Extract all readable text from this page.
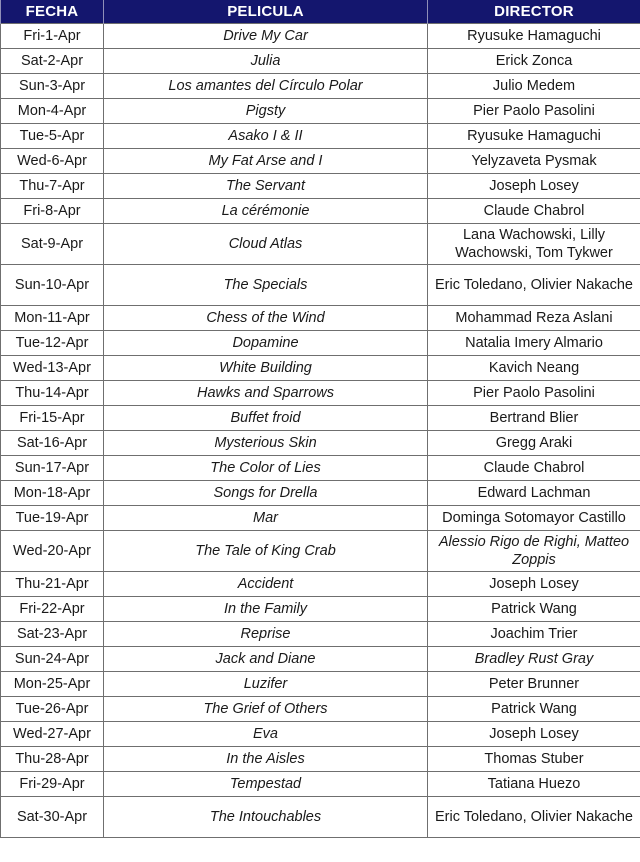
FECHA	PELICULA	DIRECTOR
Fri-1-Apr	Drive My Car	Ryusuke Hamaguchi
Sat-2-Apr	Julia	Erick Zonca
Sun-3-Apr	Los amantes del Círculo Polar	Julio Medem
Mon-4-Apr	Pigsty	Pier Paolo Pasolini
Tue-5-Apr	Asako I & II	Ryusuke Hamaguchi
Wed-6-Apr	My Fat Arse and I	Yelyzaveta Pysmak
Thu-7-Apr	The Servant	Joseph Losey
Fri-8-Apr	La cérémonie	Claude Chabrol
Sat-9-Apr	Cloud Atlas	Lana Wachowski, Lilly Wachowski, Tom Tykwer
Sun-10-Apr	The Specials	Eric Toledano, Olivier Nakache
Mon-11-Apr	Chess of the Wind	Mohammad Reza Aslani
Tue-12-Apr	Dopamine	Natalia Imery Almario
Wed-13-Apr	White Building	Kavich Neang
Thu-14-Apr	Hawks and Sparrows	Pier Paolo Pasolini
Fri-15-Apr	Buffet froid	Bertrand Blier
Sat-16-Apr	Mysterious Skin	Gregg Araki
Sun-17-Apr	The Color of Lies	Claude Chabrol
Mon-18-Apr	Songs for Drella	Edward Lachman
Tue-19-Apr	Mar	Dominga Sotomayor Castillo
Wed-20-Apr	The Tale of King Crab	Alessio Rigo de Righi, Matteo Zoppis
Thu-21-Apr	Accident	Joseph Losey
Fri-22-Apr	In the Family	Patrick Wang
Sat-23-Apr	Reprise	Joachim Trier
Sun-24-Apr	Jack and Diane	Bradley Rust Gray
Mon-25-Apr	Luzifer	Peter Brunner
Tue-26-Apr	The Grief of Others	Patrick Wang
Wed-27-Apr	Eva	Joseph Losey
Thu-28-Apr	In the Aisles	Thomas Stuber
Fri-29-Apr	Tempestad	Tatiana Huezo
Sat-30-Apr	The Intouchables	Eric Toledano, Olivier Nakache
